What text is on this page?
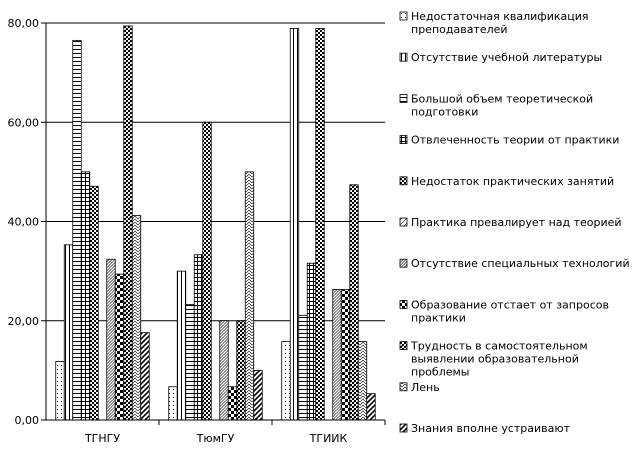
0,00
20,00
40,00
60,00
80,00
ТГНГУ	ТюмГУ	ТГИИК
Недостаточная квалификация
преподавателей
Отсутствие учебной литературы
Большой объем теоретической
подготовки
Отвлеченность теории от практики
Недостаток практических занятий
Практика превалирует над теорией
Отсутствие специальных технологий
Образование отстает от запросов
практики
Трудность в самостоятельном
выявлении образовательной
проблемы
Лень
Знания вполне устраивают
